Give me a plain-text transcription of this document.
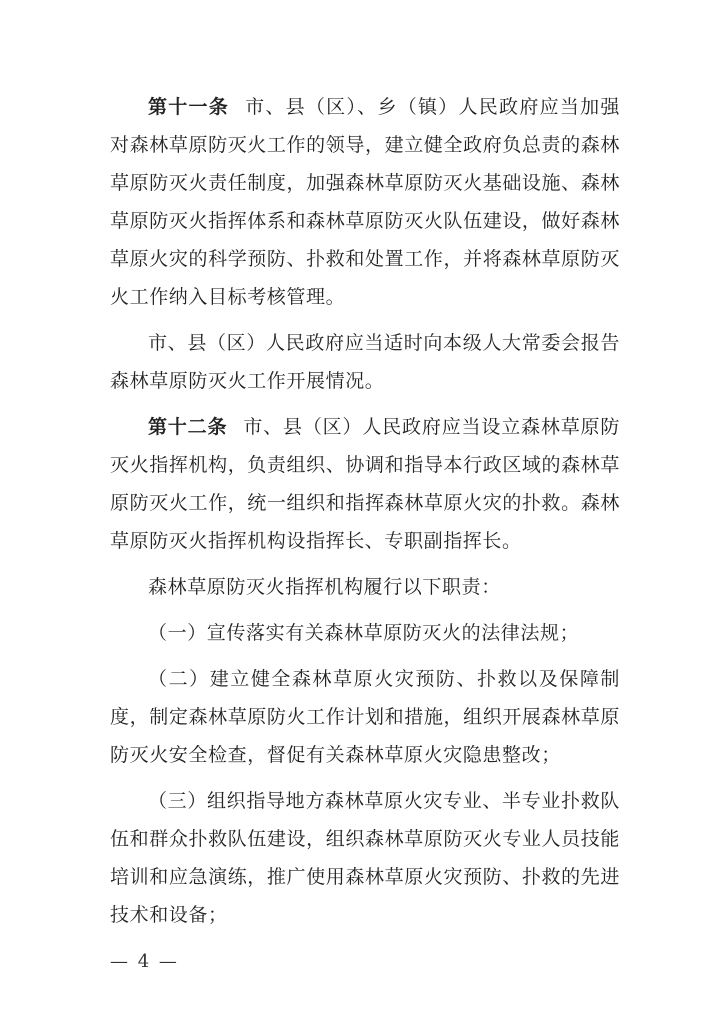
第十一条 市、县（区）、乡（镇）人民政府应当加强对森林草原防灭火工作的领导，建立健全政府负总责的森林草原防灭火责任制度，加强森林草原防灭火基础设施、森林草原防灭火指挥体系和森林草原防灭火队伍建设，做好森林草原火灾的科学预防、扑救和处置工作，并将森林草原防灭火工作纳入目标考核管理。

市、县（区）人民政府应当适时向本级人大常委会报告森林草原防灭火工作开展情况。

第十二条 市、县（区）人民政府应当设立森林草原防灭火指挥机构，负责组织、协调和指导本行政区域的森林草原防灭火工作，统一组织和指挥森林草原火灾的扑救。森林草原防灭火指挥机构设指挥长、专职副指挥长。

森林草原防灭火指挥机构履行以下职责：

（一）宣传落实有关森林草原防灭火的法律法规；

（二）建立健全森林草原火灾预防、扑救以及保障制度，制定森林草原防火工作计划和措施，组织开展森林草原防灭火安全检查，督促有关森林草原火灾隐患整改；

（三）组织指导地方森林草原火灾专业、半专业扑救队伍和群众扑救队伍建设，组织森林草原防灭火专业人员技能培训和应急演练，推广使用森林草原火灾预防、扑救的先进技术和设备；

— 4 —
